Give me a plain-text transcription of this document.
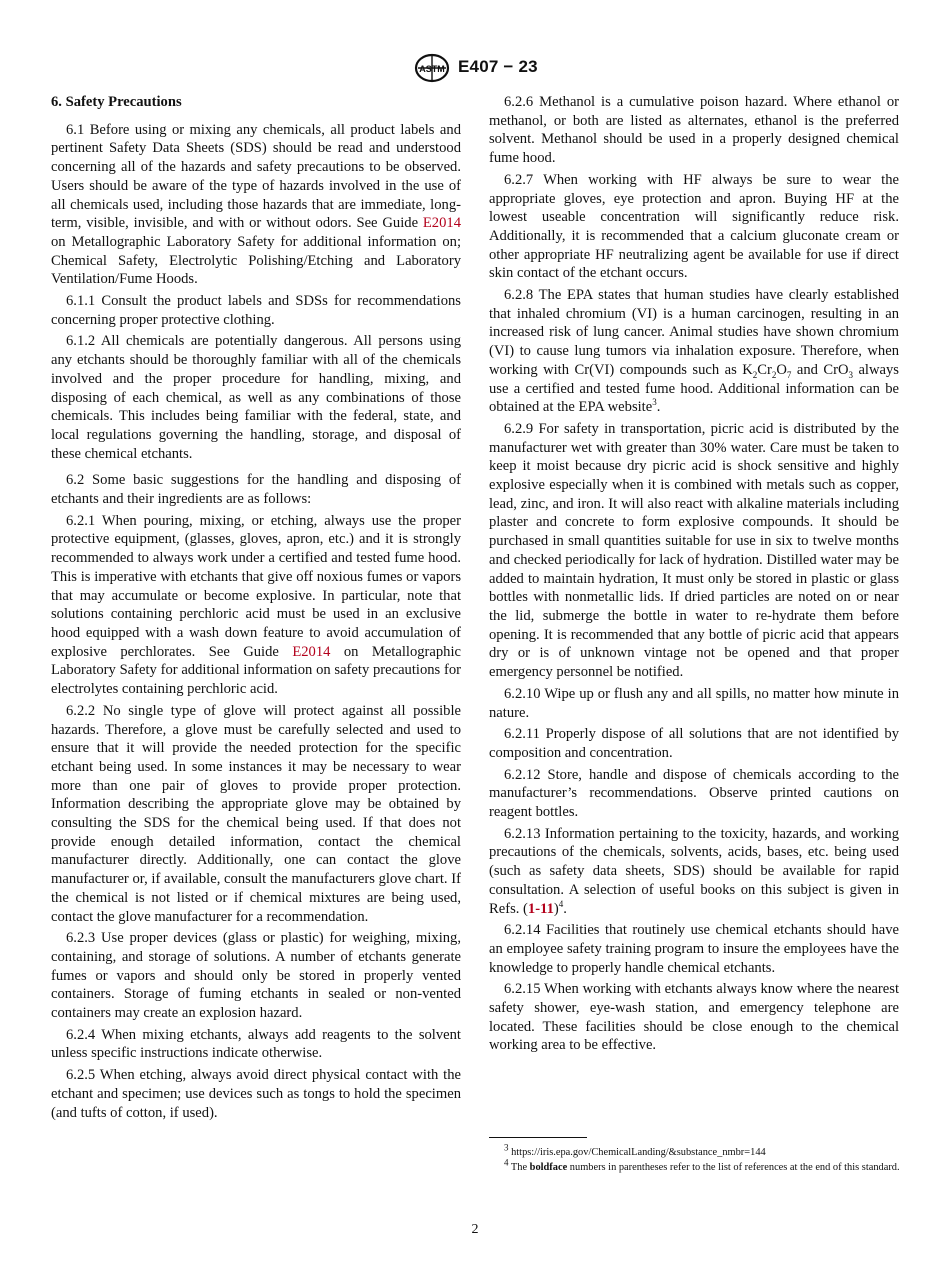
ASTM E407 − 23
6. Safety Precautions

6.1 Before using or mixing any chemicals, all product labels and pertinent Safety Data Sheets (SDS) should be read and understood concerning all of the hazards and safety precautions to be observed. Users should be aware of the type of hazards involved in the use of all chemicals used, including those hazards that are immediate, long-term, visible, invisible, and with or without odors. See Guide E2014 on Metallographic Laboratory Safety for additional information on; Chemical Safety, Electrolytic Polishing/Etching and Laboratory Ventilation/Fume Hoods.

6.1.1 Consult the product labels and SDSs for recommendations concerning proper protective clothing.

6.1.2 All chemicals are potentially dangerous. All persons using any etchants should be thoroughly familiar with all of the chemicals involved and the proper procedure for handling, mixing, and disposing of each chemical, as well as any combinations of those chemicals. This includes being familiar with the federal, state, and local regulations governing the handling, storage, and disposal of these chemical etchants.

6.2 Some basic suggestions for the handling and disposing of etchants and their ingredients are as follows:

6.2.1 When pouring, mixing, or etching, always use the proper protective equipment, (glasses, gloves, apron, etc.) and it is strongly recommended to always work under a certified and tested fume hood. This is imperative with etchants that give off noxious fumes or vapors that may accumulate or become explosive. In particular, note that solutions containing perchloric acid must be used in an exclusive hood equipped with a wash down feature to avoid accumulation of explosive perchlorates. See Guide E2014 on Metallographic Laboratory Safety for additional information on safety precautions for electrolytes containing perchloric acid.

6.2.2 No single type of glove will protect against all possible hazards. Therefore, a glove must be carefully selected and used to ensure that it will provide the needed protection for the specific etchant being used. In some instances it may be necessary to wear more than one pair of gloves to provide proper protection. Information describing the appropriate glove may be obtained by consulting the SDS for the chemical being used. If that does not provide enough detailed information, contact the chemical manufacturer directly. Additionally, one can contact the glove manufacturer or, if available, consult the manufacturers glove chart. If the chemical is not listed or if chemical mixtures are being used, contact the glove manufacturer for a recommendation.

6.2.3 Use proper devices (glass or plastic) for weighing, mixing, containing, and storage of solutions. A number of etchants generate fumes or vapors and should only be stored in properly vented containers. Storage of fuming etchants in sealed or non-vented containers may create an explosion hazard.

6.2.4 When mixing etchants, always add reagents to the solvent unless specific instructions indicate otherwise.

6.2.5 When etching, always avoid direct physical contact with the etchant and specimen; use devices such as tongs to hold the specimen (and tufts of cotton, if used).

6.2.6 Methanol is a cumulative poison hazard. Where ethanol or methanol, or both are listed as alternates, ethanol is the preferred solvent. Methanol should be used in a properly designed chemical fume hood.

6.2.7 When working with HF always be sure to wear the appropriate gloves, eye protection and apron. Buying HF at the lowest useable concentration will significantly reduce risk. Additionally, it is recommended that a calcium gluconate cream or other appropriate HF neutralizing agent be available for use if direct skin contact of the etchant occurs.

6.2.8 The EPA states that human studies have clearly established that inhaled chromium (VI) is a human carcinogen, resulting in an increased risk of lung cancer. Animal studies have shown chromium (VI) to cause lung tumors via inhalation exposure. Therefore, when working with Cr(VI) compounds such as $K_2Cr_2O_7$ and CrO$_3$ always use a certified and tested fume hood. Additional information can be obtained at the EPA website$^3$.

6.2.9 For safety in transportation, picric acid is distributed by the manufacturer wet with greater than 30% water. Care must be taken to keep it moist because dry picric acid is shock sensitive and highly explosive especially when it is combined with metals such as copper, lead, zinc, and iron. It will also react with alkaline materials including plaster and concrete to form explosive compounds. It should be purchased in small quantities suitable for use in six to twelve months and checked periodically for lack of hydration. Distilled water may be added to maintain hydration, It must only be stored in plastic or glass bottles with nonmetallic lids. If dried particles are noted on or near the lid, submerge the bottle in water to re-hydrate them before opening. It is recommended that any bottle of picric acid that appears dry or is of unknown vintage not be opened and that proper emergency personnel be notified.

6.2.10 Wipe up or flush any and all spills, no matter how minute in nature.

6.2.11 Properly dispose of all solutions that are not identified by composition and concentration.

6.2.12 Store, handle and dispose of chemicals according to the manufacturer’s recommendations. Observe printed cautions on reagent bottles.

6.2.13 Information pertaining to the toxicity, hazards, and working precautions of the chemicals, solvents, acids, bases, etc. being used (such as safety data sheets, SDS) should be available for rapid consultation. A selection of useful books on this subject is given in Refs. $(1-11)^4$.

6.2.14 Facilities that routinely use chemical etchants should have an employee safety training program to insure the employees have the knowledge to properly handle chemical etchants.

6.2.15 When working with etchants always know where the nearest safety shower, eye-wash station, and emergency telephone are located. These facilities should be close enough to the chemical working area to be effective.

$^3$ https://iris.epa.gov/ChemicalLanding/&substance_nmbr=144

$^4$ The boldface numbers in parentheses refer to the list of references at the end of this standard.

2
